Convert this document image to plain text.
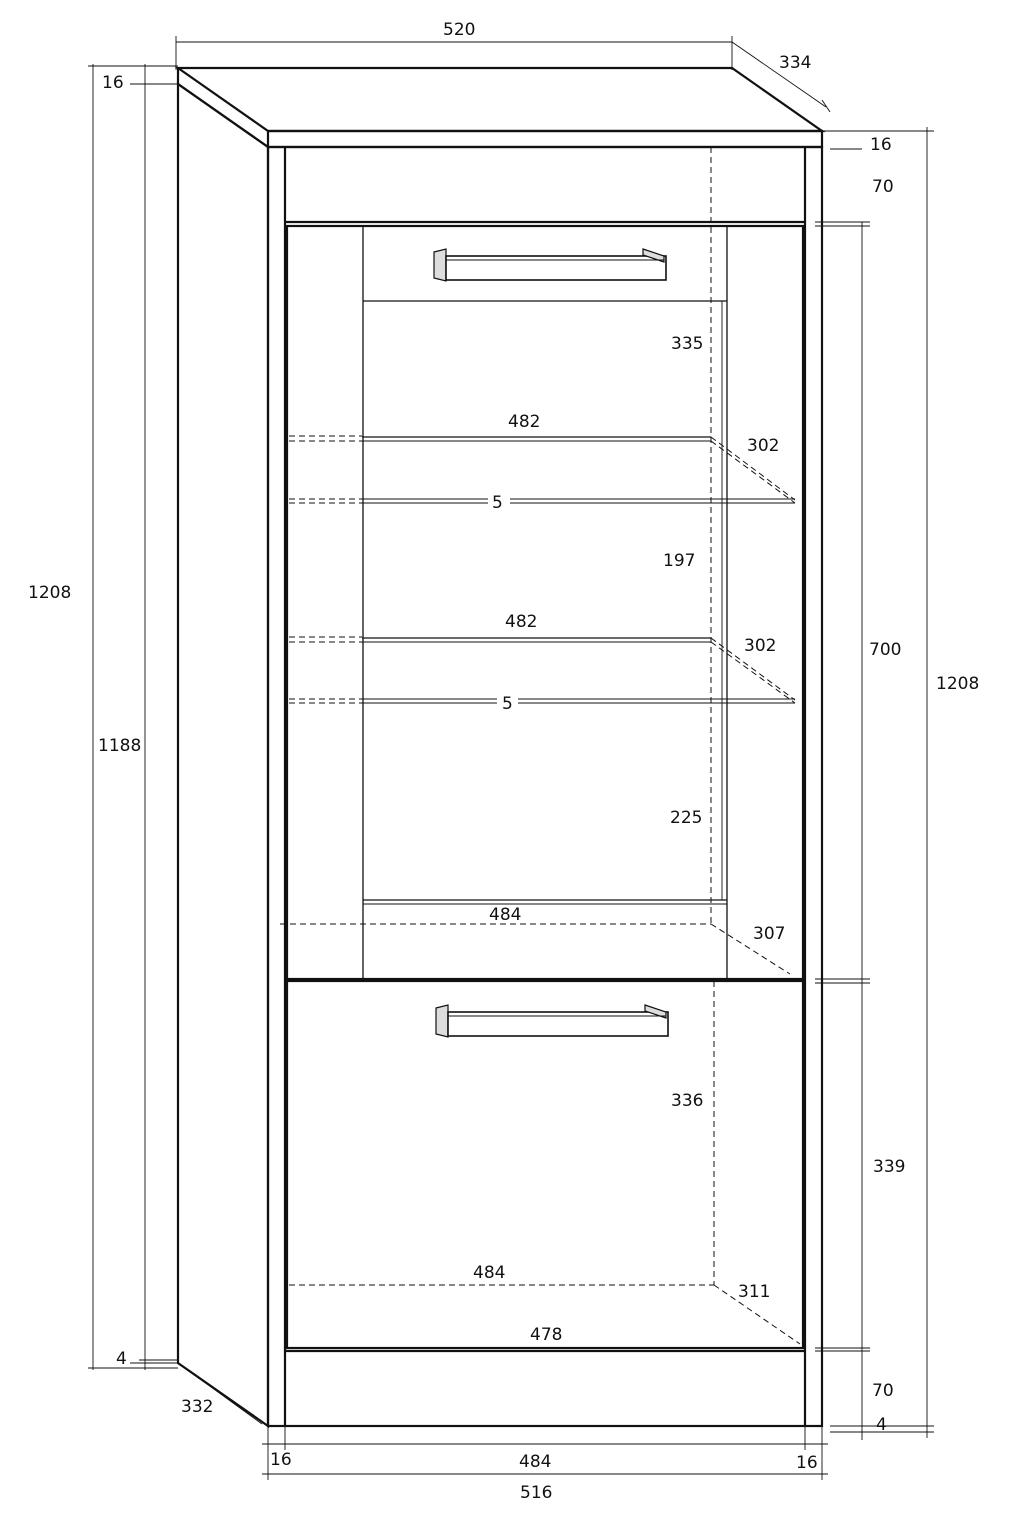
520
334
16
1208
1188
4
332
16
70
700
1208
339
70
4
16	484	16
516
335
482
302
5
197
482
302
5
225
484
307
336
484
311
478
